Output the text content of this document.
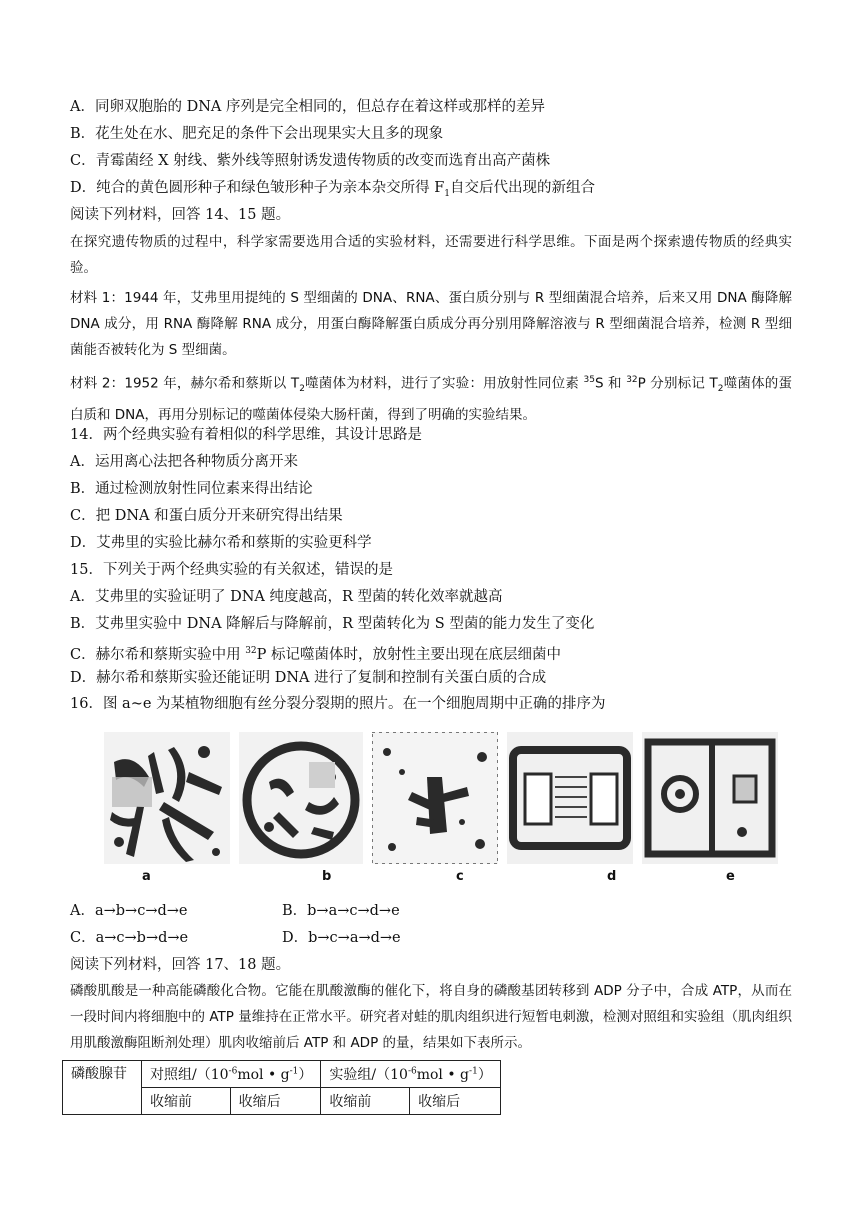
A．同卵双胞胎的 DNA 序列是完全相同的，但总存在着这样或那样的差异
B．花生处在水、肥充足的条件下会出现果实大且多的现象
C．青霉菌经 X 射线、紫外线等照射诱发遗传物质的改变而选育出高产菌株
D．纯合的黄色圆形种子和绿色皱形种子为亲本杂交所得 $F_1$自交后代出现的新组合
阅读下列材料，回答 14、15 题。
在探究遗传物质的过程中，科学家需要选用合适的实验材料，还需要进行科学思维。下面是两个探索遗传物质的经典实验。
材料 1：1944 年，艾弗里用提纯的 S 型细菌的 DNA、RNA、蛋白质分别与 R 型细菌混合培养，后来又用 DNA 酶降解 DNA 成分，用 RNA 酶降解 RNA 成分，用蛋白酶降解蛋白质成分再分别用降解溶液与 R 型细菌混合培养，检测 R 型细菌能否被转化为 S 型细菌。
材料 2：1952 年，赫尔希和蔡斯以 $T_2$噬菌体为材料，进行了实验：用放射性同位素 $^{35}$S 和 $^{32}$P 分别标记 $T_2$噬菌体的蛋白质和 DNA，再用分别标记的噬菌体侵染大肠杆菌，得到了明确的实验结果。
14．两个经典实验有着相似的科学思维，其设计思路是
A．运用离心法把各种物质分离开来
B．通过检测放射性同位素来得出结论
C．把 DNA 和蛋白质分开来研究得出结果
D．艾弗里的实验比赫尔希和蔡斯的实验更科学
15．下列关于两个经典实验的有关叙述，错误的是
A．艾弗里的实验证明了 DNA 纯度越高，R 型菌的转化效率就越高
B．艾弗里实验中 DNA 降解后与降解前，R 型菌转化为 S 型菌的能力发生了变化
C．赫尔希和蔡斯实验中用 $^{32}$P 标记噬菌体时，放射性主要出现在底层细菌中
D．赫尔希和蔡斯实验还能证明 DNA 进行了复制和控制有关蛋白质的合成
16．图 a~e 为某植物细胞有丝分裂分裂期的照片。在一个细胞周期中正确的排序为
a	b	c	d	e
A．a→b→c→d→e	B．b→a→c→d→e
C．a→c→b→d→e	D．b→c→a→d→e
阅读下列材料，回答 17、18 题。
磷酸肌酸是一种高能磷酸化合物。它能在肌酸激酶的催化下，将自身的磷酸基团转移到 ADP 分子中，合成 ATP，从而在一段时间内将细胞中的 ATP 量维持在正常水平。研究者对蛙的肌肉组织进行短暂电刺激，检测对照组和实验组（肌肉组织用肌酸激酶阻断剂处理）肌肉收缩前后 ATP 和 ADP 的量，结果如下表所示。
磷酸腺苷	对照组$/(10^{-6}mol$ • $g^{-1}$）		实验组$/(10^{-6}mol$ • $g^{-1}$）	
	收缩前	收缩后	收缩前	收缩后
